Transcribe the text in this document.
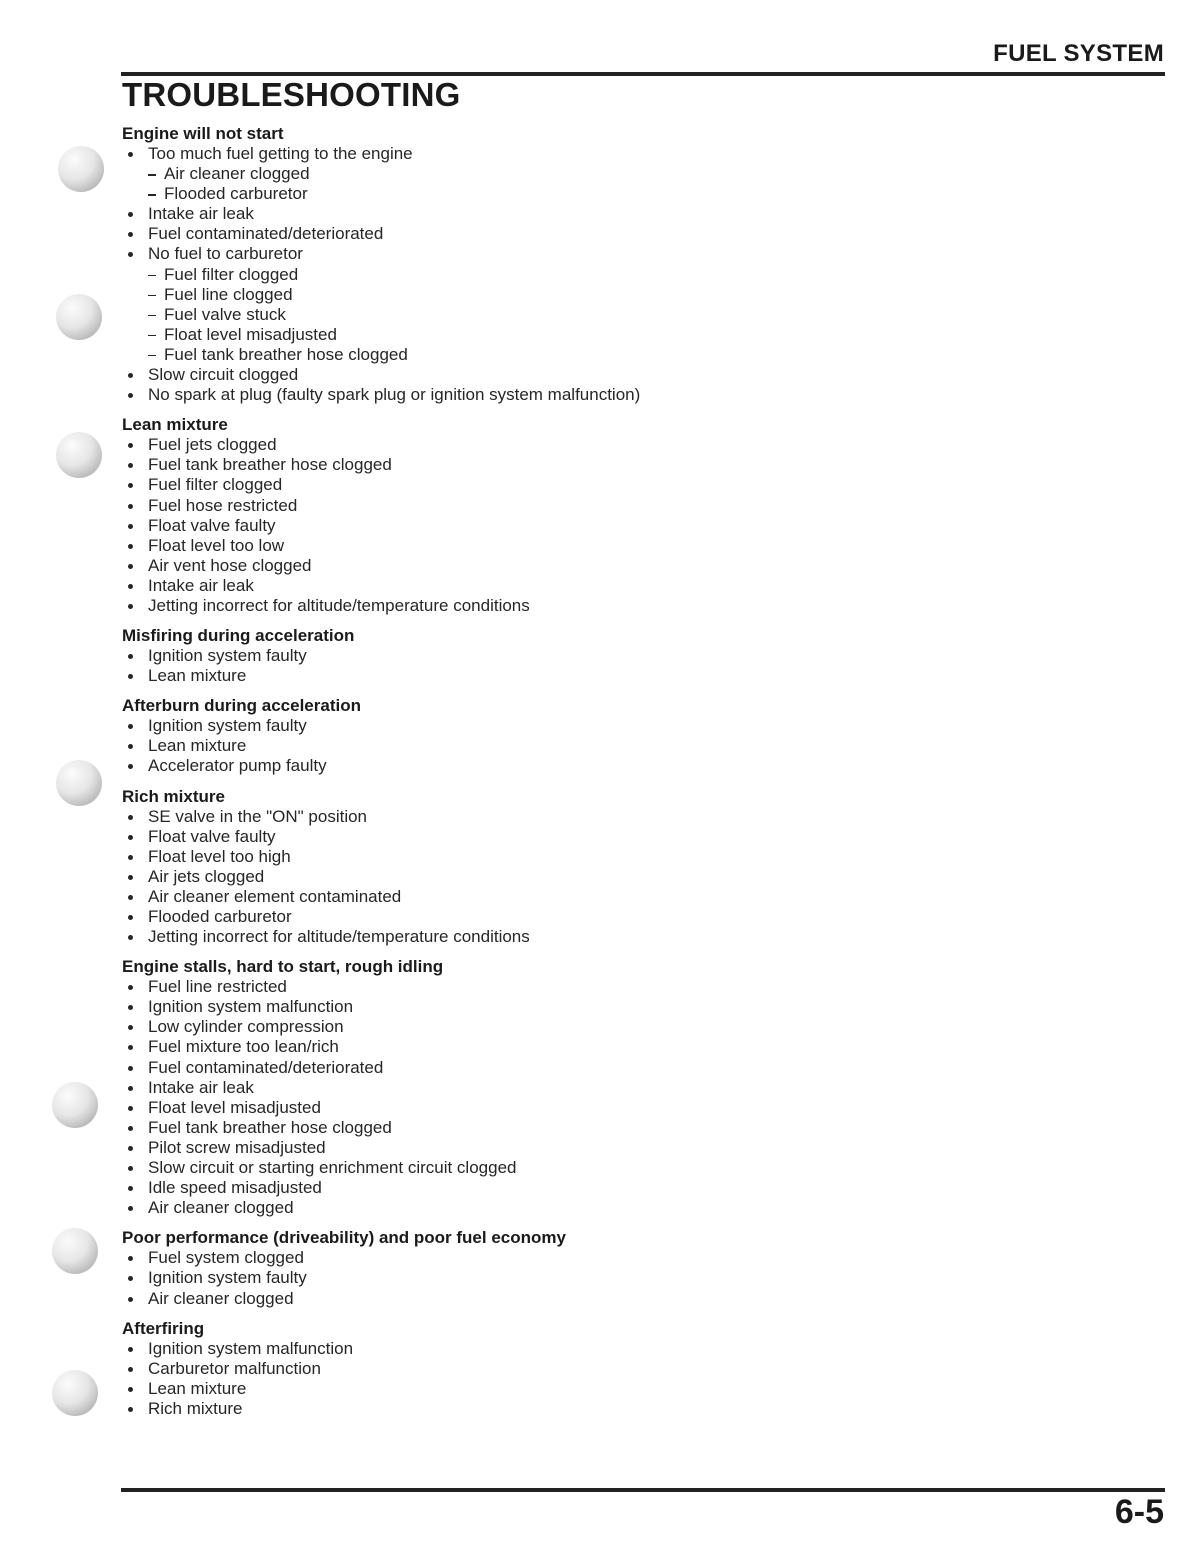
FUEL SYSTEM
TROUBLESHOOTING
Engine will not start
Too much fuel getting to the engine
Air cleaner clogged
Flooded carburetor
Intake air leak
Fuel contaminated/deteriorated
No fuel to carburetor
Fuel filter clogged
Fuel line clogged
Fuel valve stuck
Float level misadjusted
Fuel tank breather hose clogged
Slow circuit clogged
No spark at plug (faulty spark plug or ignition system malfunction)
Lean mixture
Fuel jets clogged
Fuel tank breather hose clogged
Fuel filter clogged
Fuel hose restricted
Float valve faulty
Float level too low
Air vent hose clogged
Intake air leak
Jetting incorrect for altitude/temperature conditions
Misfiring during acceleration
Ignition system faulty
Lean mixture
Afterburn during acceleration
Ignition system faulty
Lean mixture
Accelerator pump faulty
Rich mixture
SE valve in the "ON" position
Float valve faulty
Float level too high
Air jets clogged
Air cleaner element contaminated
Flooded carburetor
Jetting incorrect for altitude/temperature conditions
Engine stalls, hard to start, rough idling
Fuel line restricted
Ignition system malfunction
Low cylinder compression
Fuel mixture too lean/rich
Fuel contaminated/deteriorated
Intake air leak
Float level misadjusted
Fuel tank breather hose clogged
Pilot screw misadjusted
Slow circuit or starting enrichment circuit clogged
Idle speed misadjusted
Air cleaner clogged
Poor performance (driveability) and poor fuel economy
Fuel system clogged
Ignition system faulty
Air cleaner clogged
Afterfiring
Ignition system malfunction
Carburetor malfunction
Lean mixture
Rich mixture
6-5
